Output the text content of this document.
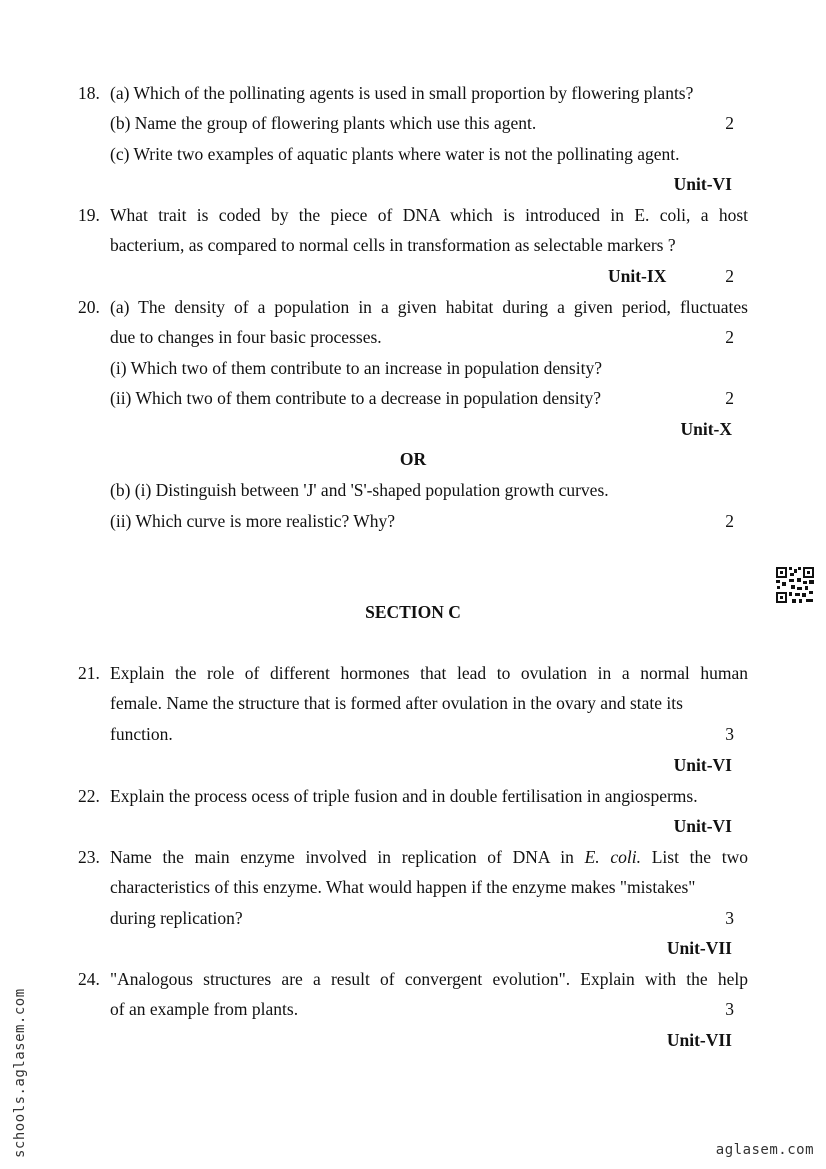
18. (a) Which of the pollinating agents is used in small proportion by flowering plants?
(b) Name the group of flowering plants which use this agent.	2
(c) Write two examples of aquatic plants where water is not the pollinating agent.
Unit-VI
19. What trait is coded by the piece of DNA which is introduced in E. coli, a host
bacterium, as compared to normal cells in transformation as selectable markers ?
Unit-IX	2
20. (a) The density of a population in a given habitat during a given period, fluctuates
due to changes in four basic processes.	2
(i) Which two of them contribute to an increase in population density?
(ii) Which two of them contribute to a decrease in population density?	2
Unit-X
OR
(b) (i) Distinguish between 'J' and 'S'-shaped population growth curves.
(ii) Which curve is more realistic? Why?	2
SECTION C
21. Explain the role of different hormones that lead to ovulation in a normal human
female. Name the structure that is formed after ovulation in the ovary and state its
function.	3
Unit-VI
22. Explain the process ocess of triple fusion and in double fertilisation in angiosperms.
Unit-VI
23. Name the main enzyme involved in replication of DNA in E. coli. List the two
characteristics of this enzyme. What would happen if the enzyme makes "mistakes"
during replication?	3
Unit-VII
24. "Analogous structures are a result of convergent evolution". Explain with the help
of an example from plants.	3
Unit-VII
schools.aglasem.com	aglasem.com
